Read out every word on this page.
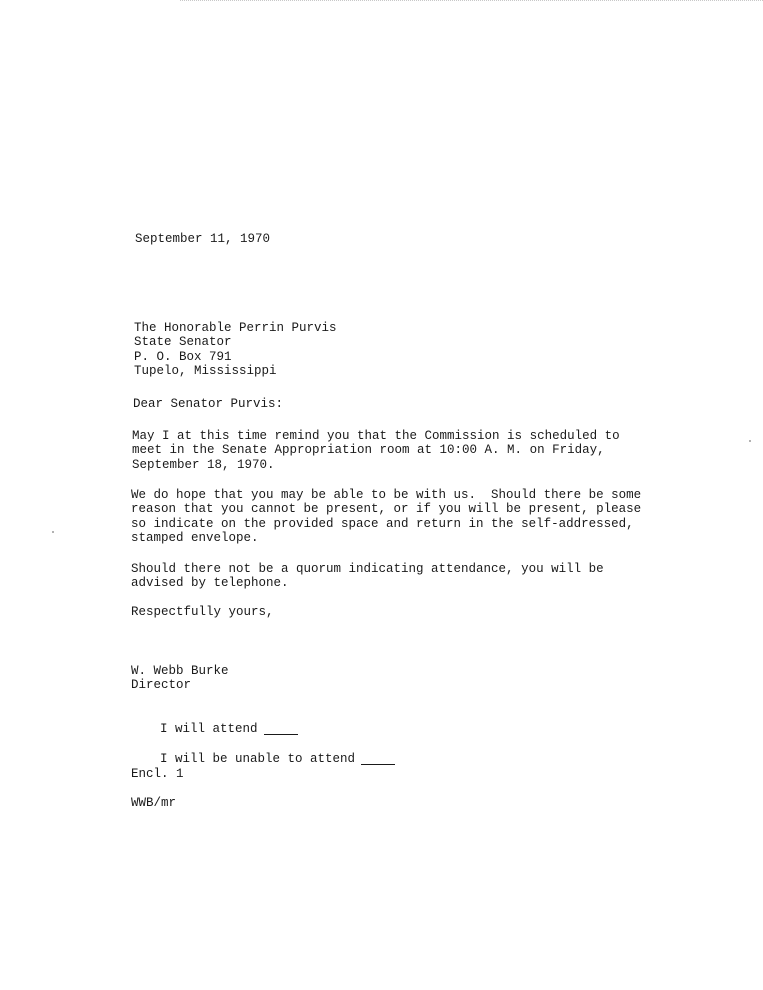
September 11, 1970
The Honorable Perrin Purvis
State Senator
P. O. Box 791
Tupelo, Mississippi
Dear Senator Purvis:
May I at this time remind you that the Commission is scheduled to
meet in the Senate Appropriation room at 10:00 A. M. on Friday,
September 18, 1970.
We do hope that you may be able to be with us.  Should there be some
reason that you cannot be present, or if you will be present, please
so indicate on the provided space and return in the self-addressed,
stamped envelope.
Should there not be a quorum indicating attendance, you will be
advised by telephone.
Respectfully yours,
W. Webb Burke
Director

I will attend

I will be unable to attend

Encl. 1
WWB/mr
